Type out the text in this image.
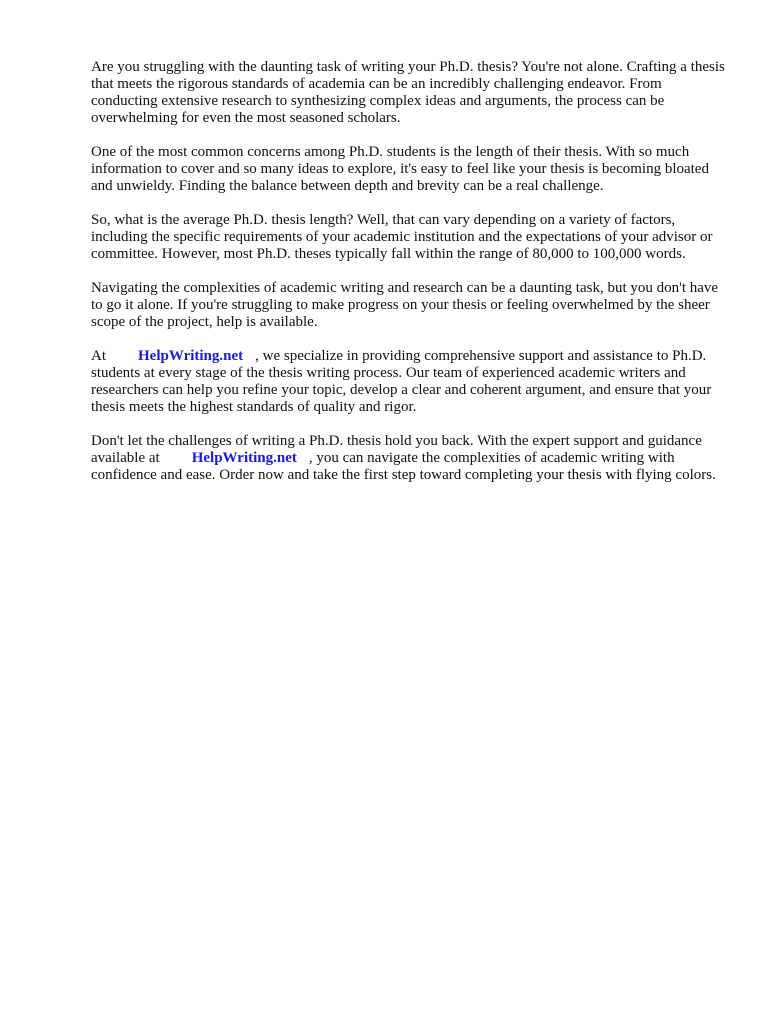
Are you struggling with the daunting task of writing your Ph.D. thesis? You're not alone. Crafting a thesis that meets the rigorous standards of academia can be an incredibly challenging endeavor. From conducting extensive research to synthesizing complex ideas and arguments, the process can be overwhelming for even the most seasoned scholars.

One of the most common concerns among Ph.D. students is the length of their thesis. With so much information to cover and so many ideas to explore, it's easy to feel like your thesis is becoming bloated and unwieldy. Finding the balance between depth and brevity can be a real challenge.

So, what is the average Ph.D. thesis length? Well, that can vary depending on a variety of factors, including the specific requirements of your academic institution and the expectations of your advisor or committee. However, most Ph.D. theses typically fall within the range of 80,000 to 100,000 words.

Navigating the complexities of academic writing and research can be a daunting task, but you don't have to go it alone. If you're struggling to make progress on your thesis or feeling overwhelmed by the sheer scope of the project, help is available.

At HelpWriting.net , we specialize in providing comprehensive support and assistance to Ph.D. students at every stage of the thesis writing process. Our team of experienced academic writers and researchers can help you refine your topic, develop a clear and coherent argument, and ensure that your thesis meets the highest standards of quality and rigor.

Don't let the challenges of writing a Ph.D. thesis hold you back. With the expert support and guidance available at HelpWriting.net , you can navigate the complexities of academic writing with confidence and ease. Order now and take the first step toward completing your thesis with flying colors.
